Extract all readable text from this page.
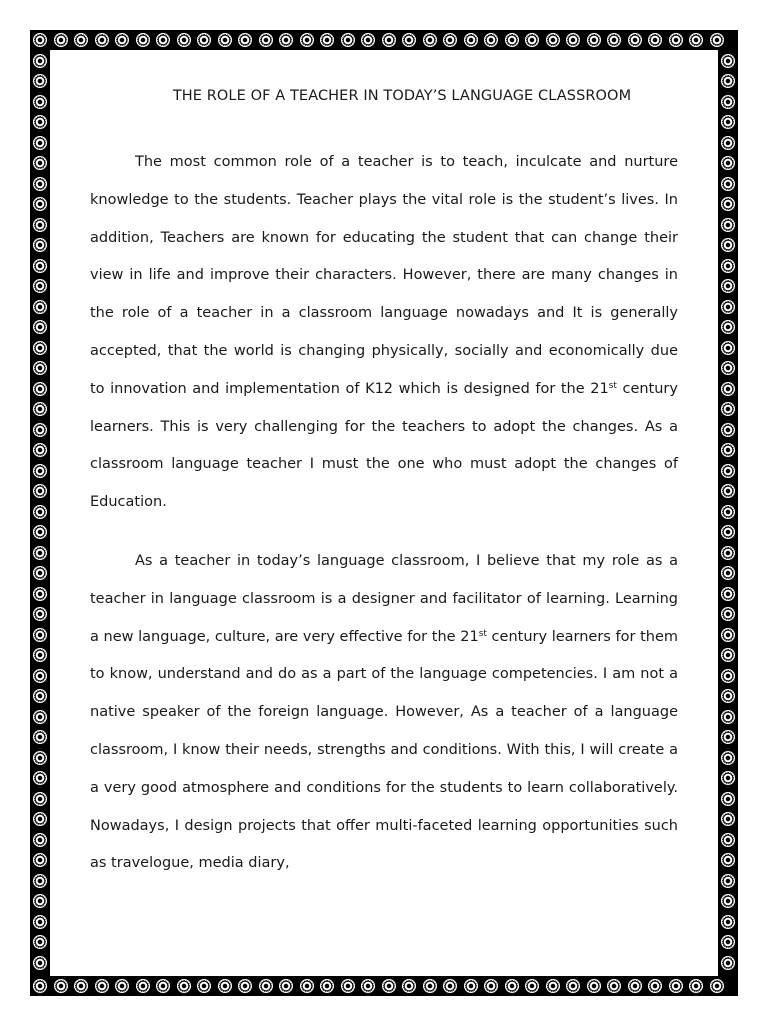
THE ROLE OF A TEACHER IN TODAY’S LANGUAGE CLASSROOM

The most common role of a teacher is to teach, inculcate and nurture knowledge to the students. Teacher plays the vital role is the student’s lives. In addition, Teachers are known for educating the student that can change their view in life and improve their characters. However, there are many changes in the role of a teacher in a classroom language nowadays and It is generally accepted, that the world is changing physically, socially and economically due to innovation and implementation of K12 which is designed for the 21st century learners. This is very challenging for the teachers to adopt the changes. As a classroom language teacher I must the one who must adopt the changes of Education.

As a teacher in today’s language classroom, I believe that my role as a teacher in language classroom is a designer and facilitator of learning. Learning a new language, culture, are very effective for the 21st century learners for them to know, understand and do as a part of the language competencies. I am not a native speaker of the foreign language. However, As a teacher of a language classroom, I know their needs, strengths and conditions. With this, I will create a a very good atmosphere and conditions for the students to learn collaboratively. Nowadays, I design projects that offer multi-faceted learning opportunities such as travelogue, media diary,
